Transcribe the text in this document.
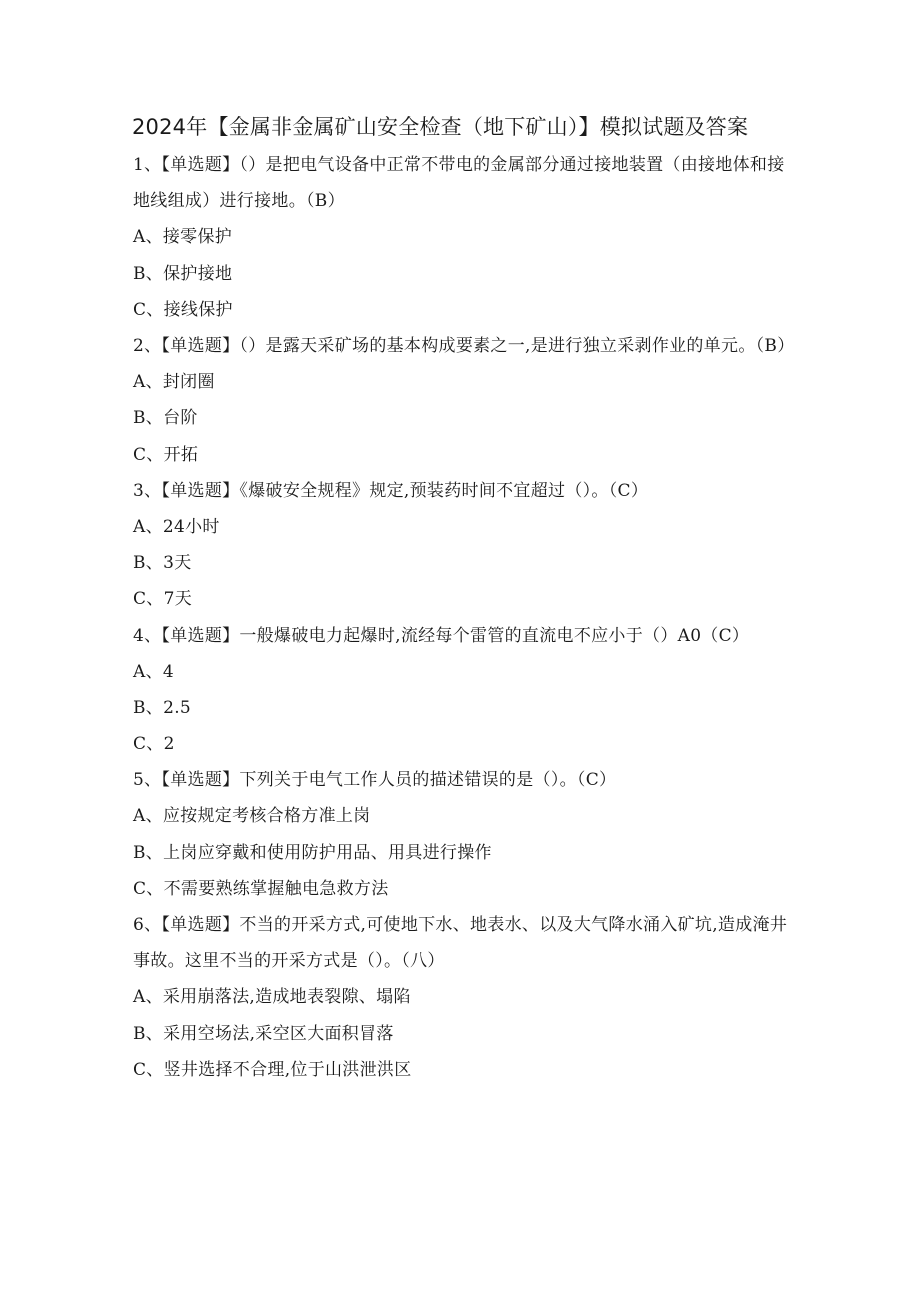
2024年【金属非金属矿山安全检查（地下矿山）】模拟试题及答案
1、【单选题】（）是把电气设备中正常不带电的金属部分通过接地装置（由接地体和接地线组成）进行接地。（B）
A、接零保护
B、保护接地
C、接线保护
2、【单选题】（）是露天采矿场的基本构成要素之一,是进行独立采剥作业的单元。（B）
A、封闭圈
B、台阶
C、开拓
3、【单选题】《爆破安全规程》规定,预装药时间不宜超过（）。（C）
A、24小时
B、3天
C、7天
4、【单选题】一般爆破电力起爆时,流经每个雷管的直流电不应小于（）A0（C）
A、4
B、2.5
C、2
5、【单选题】下列关于电气工作人员的描述错误的是（）。（C）
A、应按规定考核合格方准上岗
B、上岗应穿戴和使用防护用品、用具进行操作
C、不需要熟练掌握触电急救方法
6、【单选题】不当的开采方式,可使地下水、地表水、以及大气降水涌入矿坑,造成淹井事故。这里不当的开采方式是（）。（八）
A、采用崩落法,造成地表裂隙、塌陷
B、采用空场法,采空区大面积冒落
C、竖井选择不合理,位于山洪泄洪区
